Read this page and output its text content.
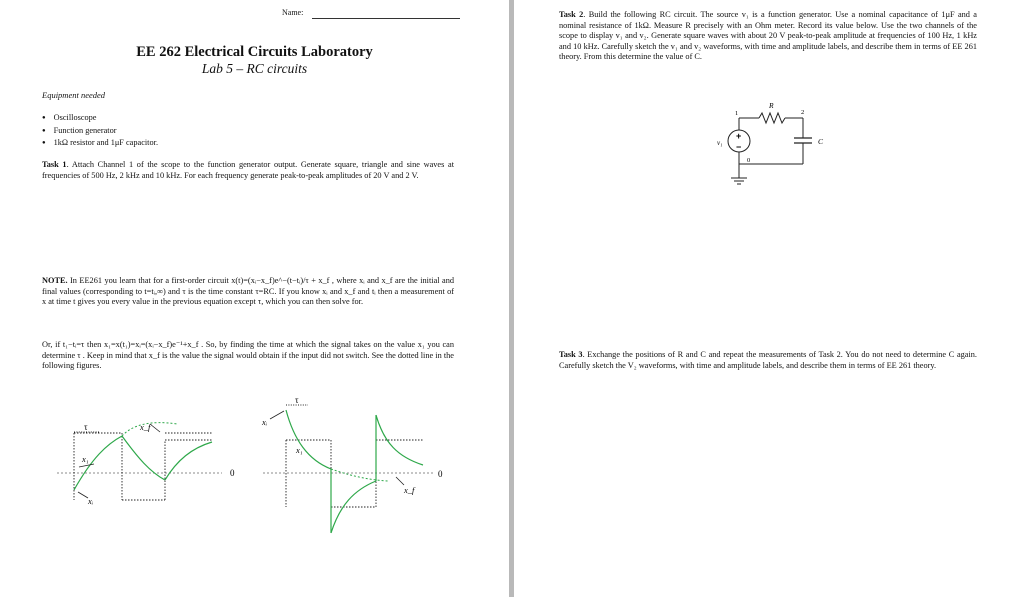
Name:
EE 262 Electrical Circuits Laboratory
Lab 5 – RC circuits
Equipment needed
● Oscilloscope
● Function generator
● 1kΩ resistor and 1μF capacitor.
Task 1. Attach Channel 1 of the scope to the function generator output. Generate square, triangle and sine waves at frequencies of 500 Hz, 2 kHz and 10 kHz. For each frequency generate peak-to-peak amplitudes of 20 V and 2 V.
NOTE. In EE261 you learn that for a first-order circuit x(t)=(xᵢ−x_f)e^−(t−tᵢ)/τ + x_f , where xᵢ and x_f are the initial and final values (corresponding to t=tᵢ,∞) and τ is the time constant τ=RC. If you know xᵢ and x_f and tᵢ then a measurement of x at time t gives you every value in the previous equation except τ, which you can then solve for.
Or, if t₁−tᵢ=τ then x₁=x(t₁)=xᵢ=(xᵢ−x_f)e⁻¹+x_f . So, by finding the time at which the signal takes on the value x₁ you can determine τ . Keep in mind that x_f is the value the signal would obtain if the input did not switch. See the dotted line in the following figures.
τ	x_f
x₁
xᵢ
0
τ
xᵢ
x₁
x_f
0
Task 2. Build the following RC circuit. The source v₁ is a function generator. Use a nominal capacitance of 1μF and a nominal resistance of 1kΩ. Measure R precisely with an Ohm meter. Record its value below. Use the two channels of the scope to display v₁ and v₂. Generate square waves with about 20 V peak-to-peak amplitude at frequencies of 100 Hz, 1 kHz and 10 kHz. Carefully sketch the v₁ and v₂ waveforms, with time and amplitude labels, and describe them in terms of EE 261 theory. From this determine the value of C.
+
−
R
C
v₁
1	2
0
Task 3. Exchange the positions of R and C and repeat the measurements of Task 2. You do not need to determine C again. Carefully sketch the V₂ waveforms, with time and amplitude labels, and describe them in terms of EE 261 theory.
